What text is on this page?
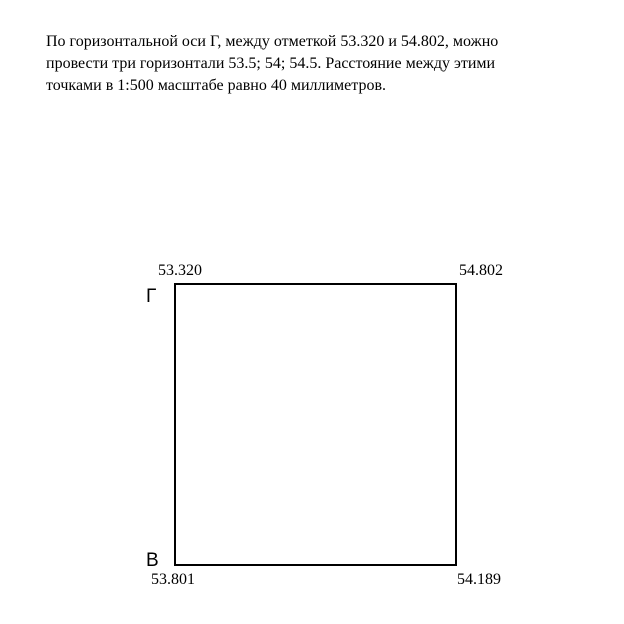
По горизонтальной оси Г, между отметкой 53.320 и 54.802, можно
провести три горизонтали 53.5; 54; 54.5. Расстояние между этими
точками в 1:500 масштабе равно 40 миллиметров.
53.320	54.802
53.801	54.189
Г
В
